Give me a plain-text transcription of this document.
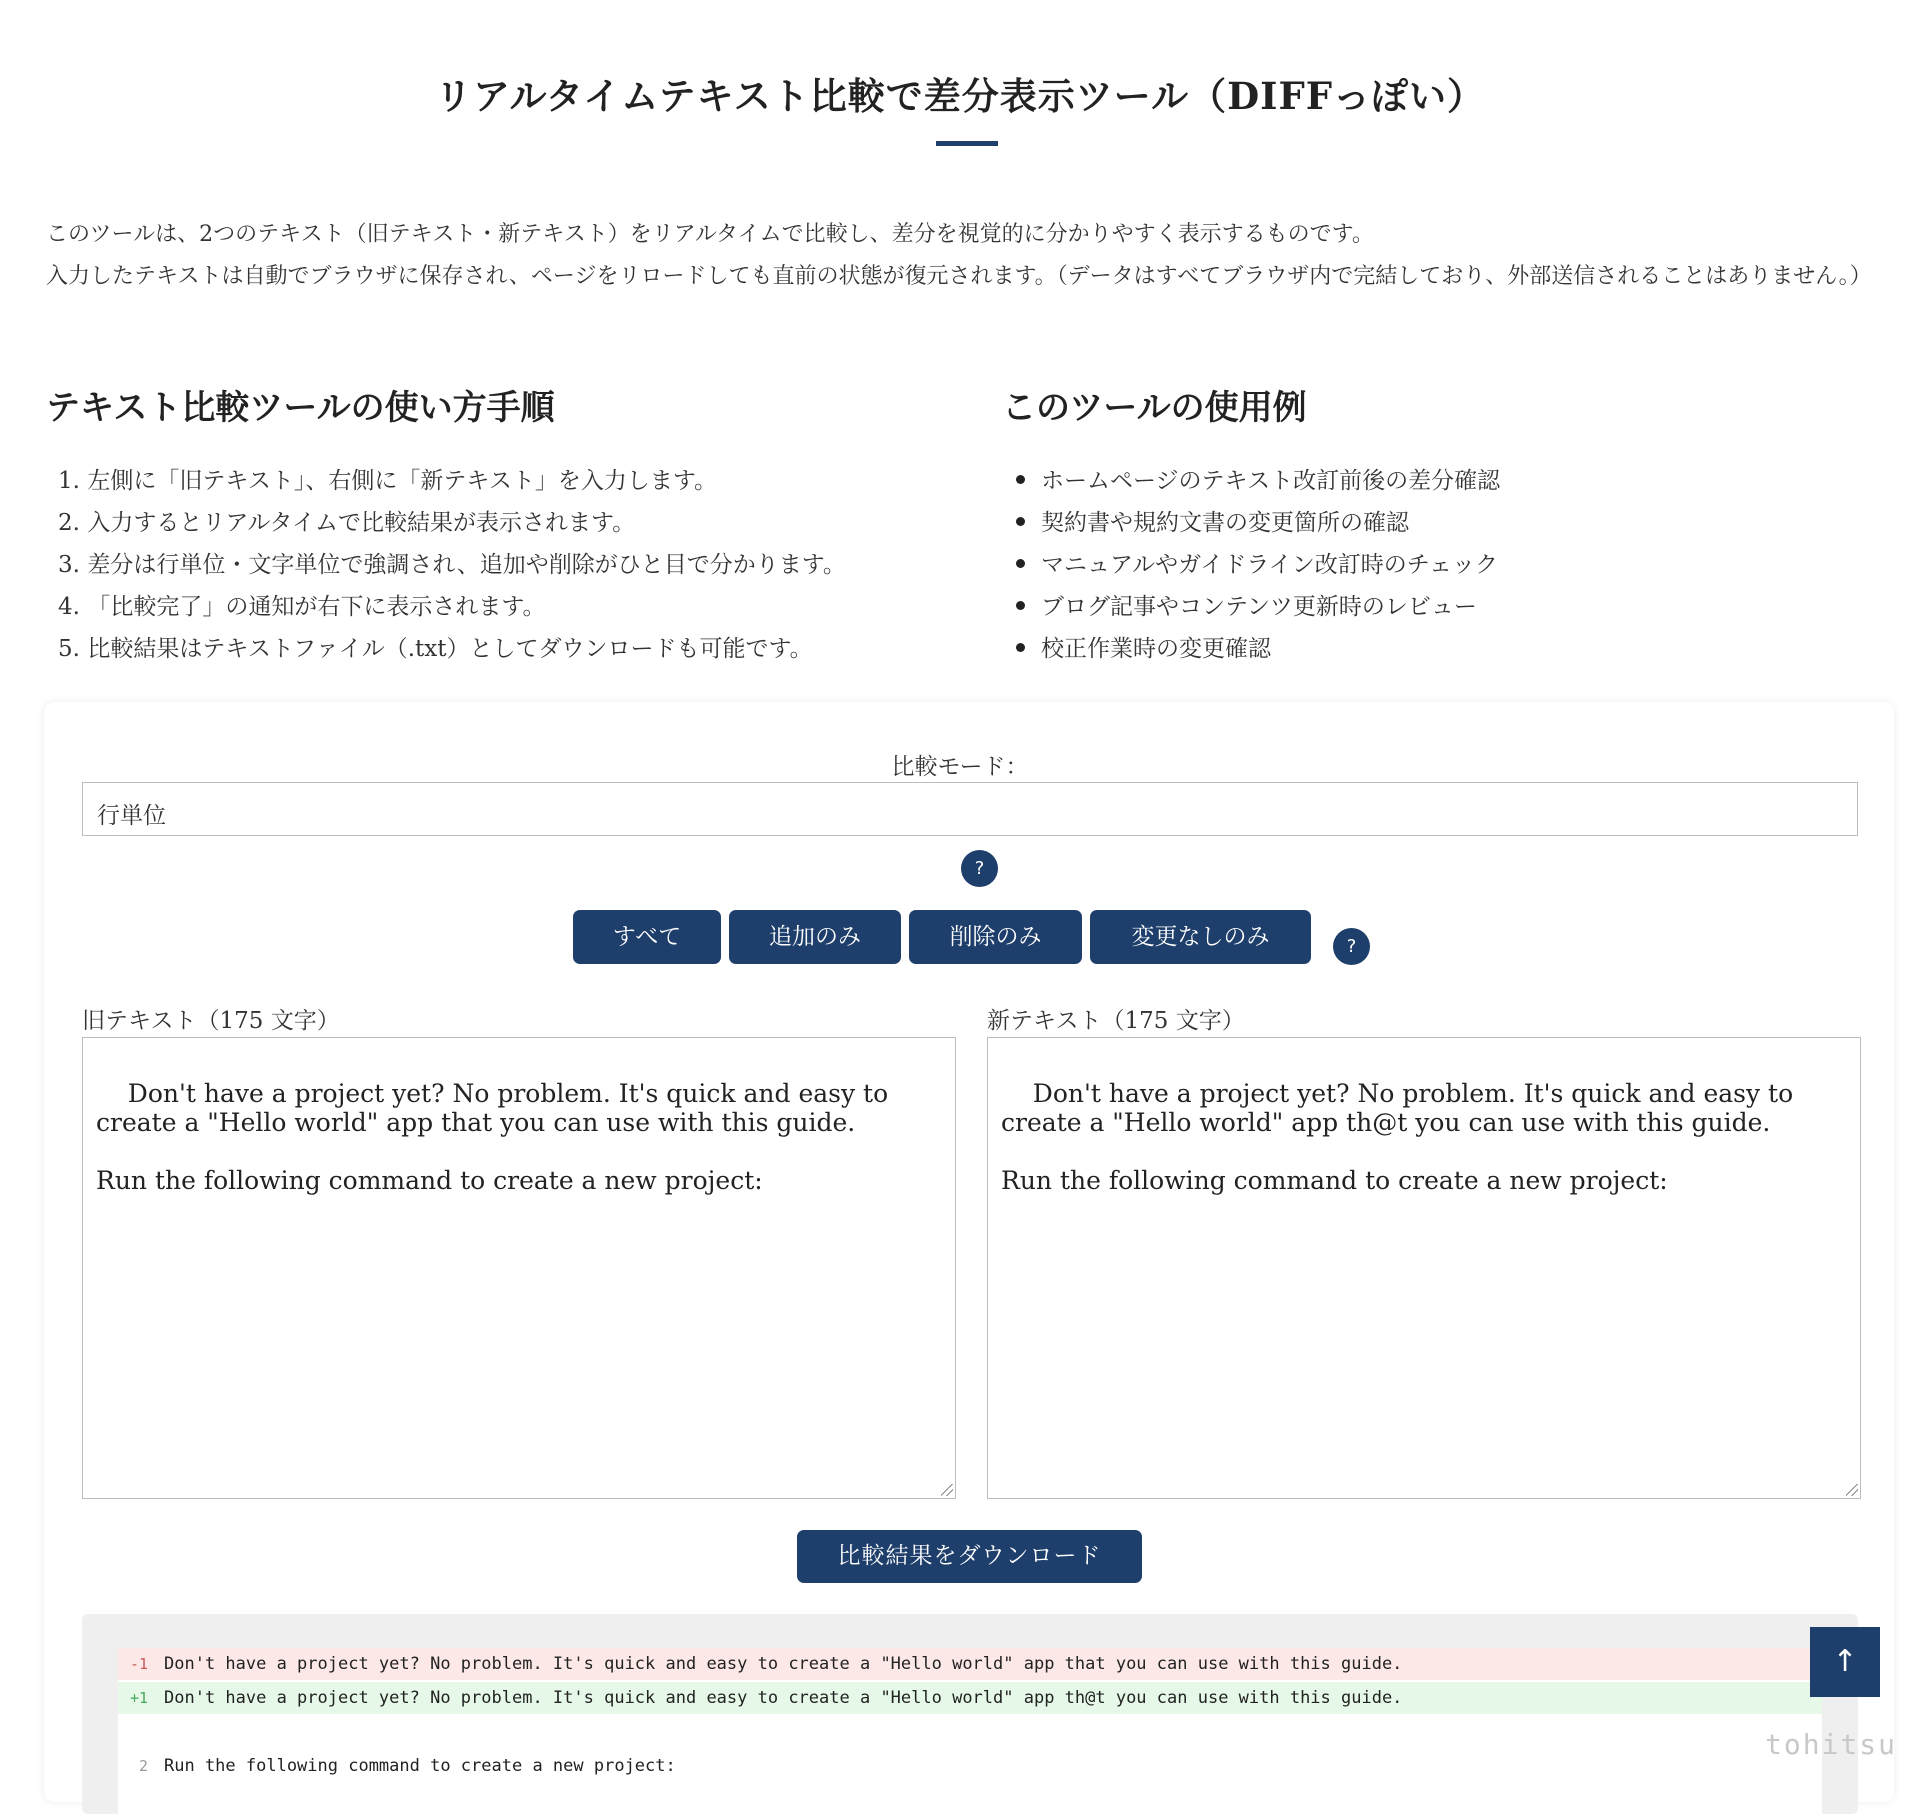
リアルタイムテキスト比較で差分表示ツール（DIFFっぽい）

このツールは、2つのテキスト（旧テキスト・新テキスト）をリアルタイムで比較し、差分を視覚的に分かりやすく表示するものです。

入力したテキストは自動でブラウザに保存され、ページをリロードしても直前の状態が復元されます。（データはすべてブラウザ内で完結しており、外部送信されることはありません。）

テキスト比較ツールの使い方手順
1. 左側に「旧テキスト」、右側に「新テキスト」を入力します。
2. 入力するとリアルタイムで比較結果が表示されます。
3. 差分は行単位・文字単位で強調され、追加や削除がひと目で分かります。
4. 「比較完了」の通知が右下に表示されます。
5. 比較結果はテキストファイル（.txt）としてダウンロードも可能です。
このツールの使用例
ホームページのテキスト改訂前後の差分確認
契約書や規約文書の変更箇所の確認
マニュアルやガイドライン改訂時のチェック
ブログ記事やコンテンツ更新時のレビュー
校正作業時の変更確認
比較モード：
行単位
?
すべて	追加のみ	削除のみ	変更なしのみ	?
旧テキスト（175 文字）	新テキスト（175 文字）

Don't have a project yet? No problem. It's quick and easy to create a "Hello world" app that you can use with this guide.

Run the following command to create a new project:

Don't have a project yet? No problem. It's quick and easy to create a "Hello world" app th@t you can use with this guide.

Run the following command to create a new project:

比較結果をダウンロード
-1 Don't have a project yet? No problem. It's quick and easy to create a "Hello world" app that you can use with this guide.
+1 Don't have a project yet? No problem. It's quick and easy to create a "Hello world" app th@t you can use with this guide.
2 Run the following command to create a new project:
↑
tohitsu
